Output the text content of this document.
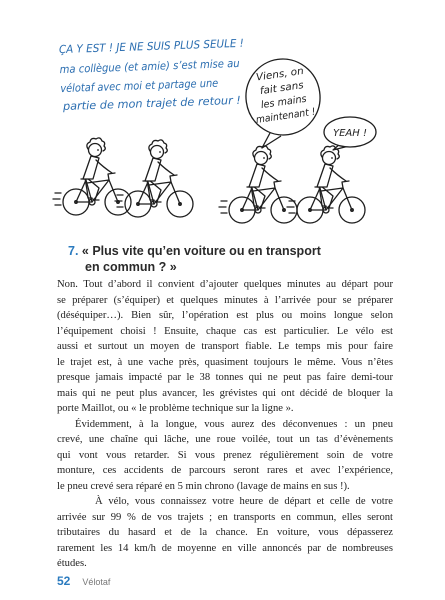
ÇA Y EST ! JE NE SUIS PLUS SEULE !
ma collègue (et amie) s’est mise au
vélotaf avec moi et partage une
partie de mon trajet de retour !
Viens, on
fait sans
les mains
maintenant !
YEAH !
7. « Plus vite qu’en voiture ou en transport
en commun ? »
Non. Tout d’abord il convient d’ajouter quelques minutes au départ pour
se préparer (s’équiper) et quelques minutes à l’arrivée pour se préparer
(déséquiper…). Bien sûr, l’opération est plus ou moins longue selon
l’équipement choisi ! Ensuite, chaque cas est particulier. Le vélo est
aussi et surtout un moyen de transport fiable. Le temps mis pour faire
le trajet est, à une vache près, quasiment toujours le même. Vous n’êtes
presque jamais impacté par le 38 tonnes qui ne peut pas faire demi-tour
mais qui ne peut plus avancer, les grévistes qui ont décidé de bloquer la
porte Maillot, ou « le problème technique sur la ligne ».
Évidemment, à la longue, vous aurez des déconvenues : un pneu
crevé, une chaîne qui lâche, une roue voilée, tout un tas d’évènements
qui vont vous retarder. Si vous prenez régulièrement soin de votre
monture, ces accidents de parcours seront rares et avec l’expérience,
le pneu crevé sera réparé en 5 min chrono (lavage de mains en sus !).
À vélo, vous connaissez votre heure de départ et celle de votre
arrivée sur 99 % de vos trajets ; en transports en commun, elles seront
tributaires du hasard et de la chance. En voiture, vous dépasserez
rarement les 14 km/h de moyenne en ville annoncés par de nombreuses
études.
52 Vélotaf
